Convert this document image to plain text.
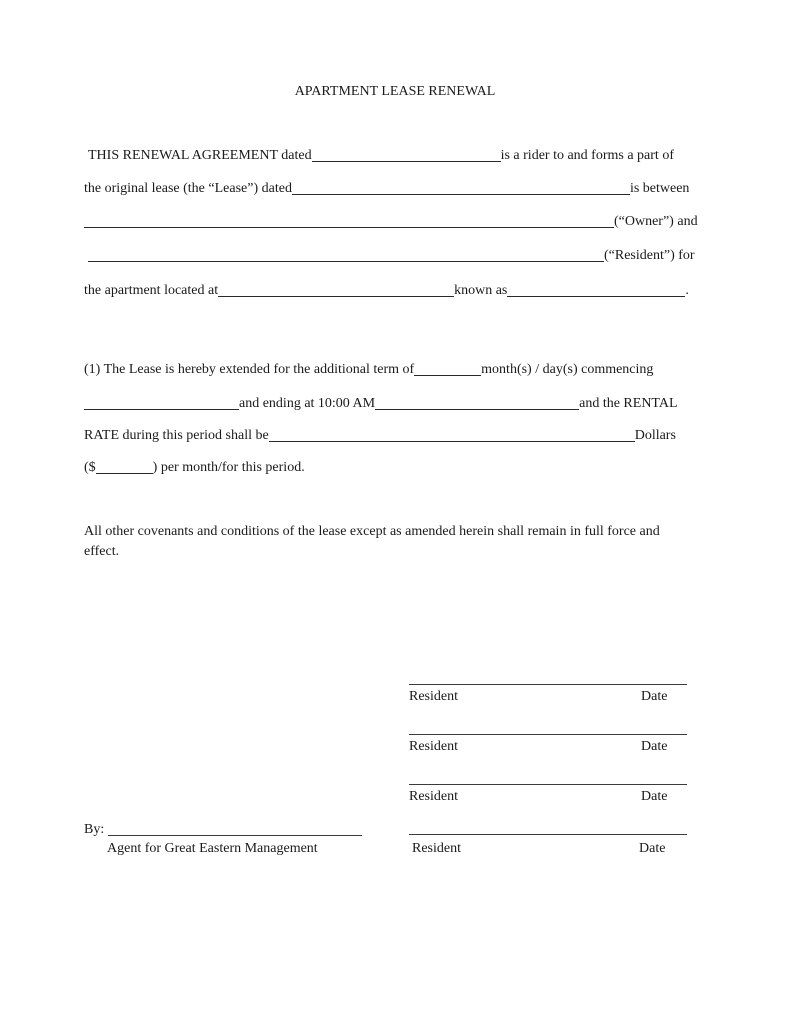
APARTMENT LEASE RENEWAL
THIS RENEWAL AGREEMENT dated	is a rider to and forms a part of
the original lease (the “Lease”) dated	is between
(“Owner”) and
(“Resident”) for
the apartment located at	known as	.
(1) The Lease is hereby extended for the additional term of	month(s) / day(s) commencing
and ending at 10:00 AM	and the RENTAL
RATE during this period shall be	Dollars
($	) per month/for this period.
All other covenants and conditions of the lease except as amended herein shall remain in full force and
effect.
Resident	Date
Resident	Date
Resident	Date
Resident	Date
By:
Agent for Great Eastern Management
